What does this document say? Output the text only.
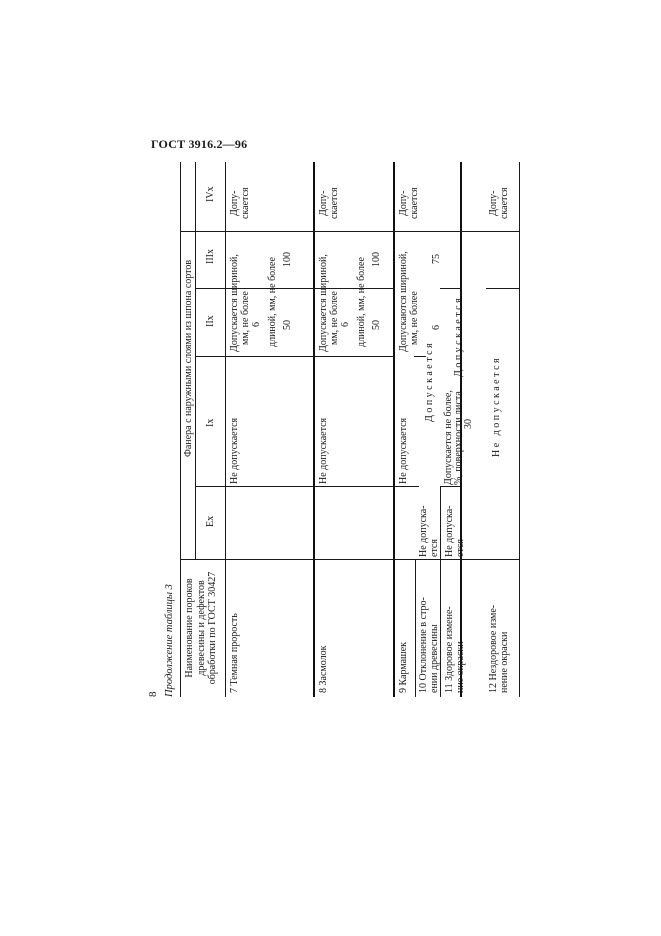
ГОСТ 3916.2—96
8 Продолжение таблицы 3 Наименование пороков древесины и дефектов обработки по ГОСТ 30427
Фанера с наружными слоями из шпона сортов
Ex
Ix
IIx
IIIx
IVx
7 Темная прорость
Не допускается
Допускается шириной, мм, не более 6 длиной, мм, не более 50
100
Допу- скается
8 Засмолок
Не допускается
Допускается шириной, мм, не более 6 длиной, мм, не более 50
100
Допу- скается
9 Кармашек
Не допускается
Допускаются шириной, мм, не более 6
75
Допу- скается
10 Отклонение в стро- ении древесины
Не допуска- ется
Допускается
11 Здоровое измене- ние окраски
Не допуска- ется
Допускается не более, %, поверхности листа 30
Допускается
12 Нездоровое изме- нение окраски
Не допускается
Допу- скается
